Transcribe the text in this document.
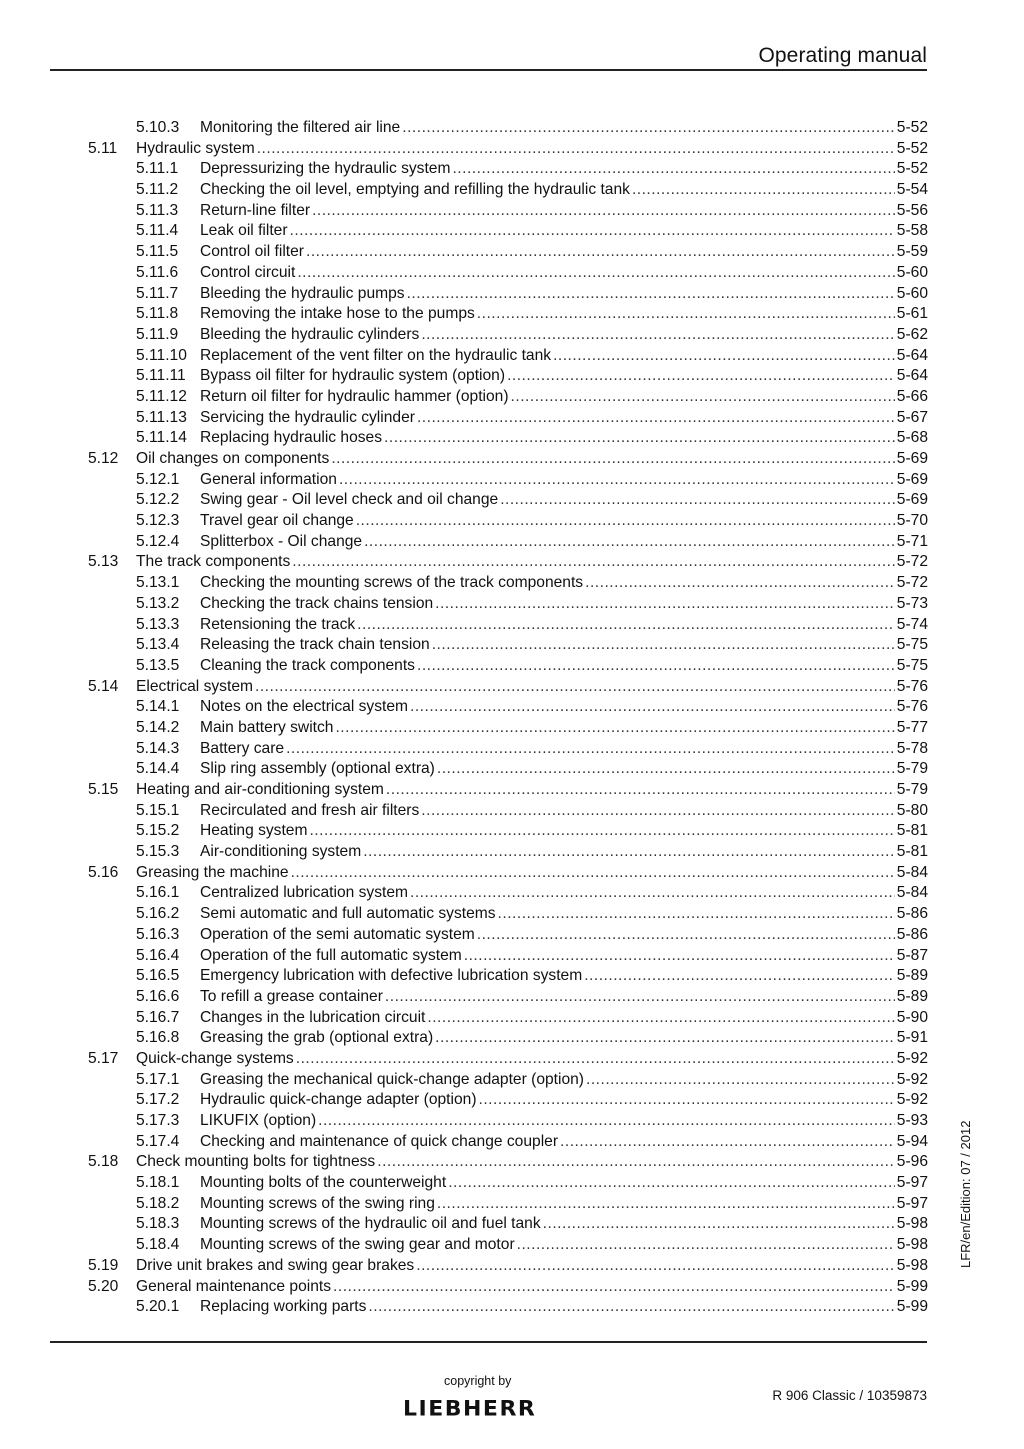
Operating manual
5.10.3	Monitoring the filtered air line .....	5-52
5.11	Hydraulic system .....	5-52
5.11.1	Depressurizing the hydraulic system .....	5-52
5.11.2	Checking the oil level, emptying and refilling the hydraulic tank .....	5-54
5.11.3	Return-line filter .....	5-56
5.11.4	Leak oil filter .....	5-58
5.11.5	Control oil filter .....	5-59
5.11.6	Control circuit .....	5-60
5.11.7	Bleeding the hydraulic pumps .....	5-60
5.11.8	Removing the intake hose to the pumps .....	5-61
5.11.9	Bleeding the hydraulic cylinders .....	5-62
5.11.10 Replacement of the vent filter on the hydraulic tank .....	5-64
5.11.11 Bypass oil filter for hydraulic system (option) .....	5-64
5.11.12 Return oil filter for hydraulic hammer (option) .....	5-66
5.11.13 Servicing the hydraulic cylinder .....	5-67
5.11.14 Replacing hydraulic hoses .....	5-68
5.12	Oil changes on components .....	5-69
5.12.1	General information .....	5-69
5.12.2	Swing gear - Oil level check and oil change .....	5-69
5.12.3	Travel gear oil change .....	5-70
5.12.4	Splitterbox - Oil change .....	5-71
5.13	The track components .....	5-72
5.13.1	Checking the mounting screws of the track components .....	5-72
5.13.2	Checking the track chains tension .....	5-73
5.13.3	Retensioning the track .....	5-74
5.13.4	Releasing the track chain tension .....	5-75
5.13.5	Cleaning the track components .....	5-75
5.14	Electrical system .....	5-76
5.14.1	Notes on the electrical system .....	5-76
5.14.2	Main battery switch .....	5-77
5.14.3	Battery care .....	5-78
5.14.4	Slip ring assembly (optional extra) .....	5-79
5.15	Heating and air-conditioning system .....	5-79
5.15.1	Recirculated and fresh air filters .....	5-80
5.15.2	Heating system .....	5-81
5.15.3	Air-conditioning system .....	5-81
5.16	Greasing the machine .....	5-84
5.16.1	Centralized lubrication system .....	5-84
5.16.2	Semi automatic and full automatic systems .....	5-86
5.16.3	Operation of the semi automatic system .....	5-86
5.16.4	Operation of the full automatic system .....	5-87
5.16.5	Emergency lubrication with defective lubrication system .....	5-89
5.16.6	To refill a grease container .....	5-89
5.16.7	Changes in the lubrication circuit .....	5-90
5.16.8	Greasing the grab (optional extra) .....	5-91
5.17	Quick-change systems .....	5-92
5.17.1	Greasing the mechanical quick-change adapter (option) .....	5-92
5.17.2	Hydraulic quick-change adapter (option) .....	5-92
5.17.3	LIKUFIX (option) .....	5-93
5.17.4	Checking and maintenance of quick change coupler .....	5-94
5.18	Check mounting bolts for tightness .....	5-96
5.18.1	Mounting bolts of the counterweight .....	5-97
5.18.2	Mounting screws of the swing ring .....	5-97
5.18.3	Mounting screws of the hydraulic oil and fuel tank .....	5-98
5.18.4	Mounting screws of the swing gear and motor .....	5-98
5.19	Drive unit brakes and swing gear brakes .....	5-98
5.20	General maintenance points .....	5-99
5.20.1	Replacing working parts .....	5-99
LFR/en/Edition: 07 / 2012
copyright by
LIEBHERR
R 906 Classic / 10359873
